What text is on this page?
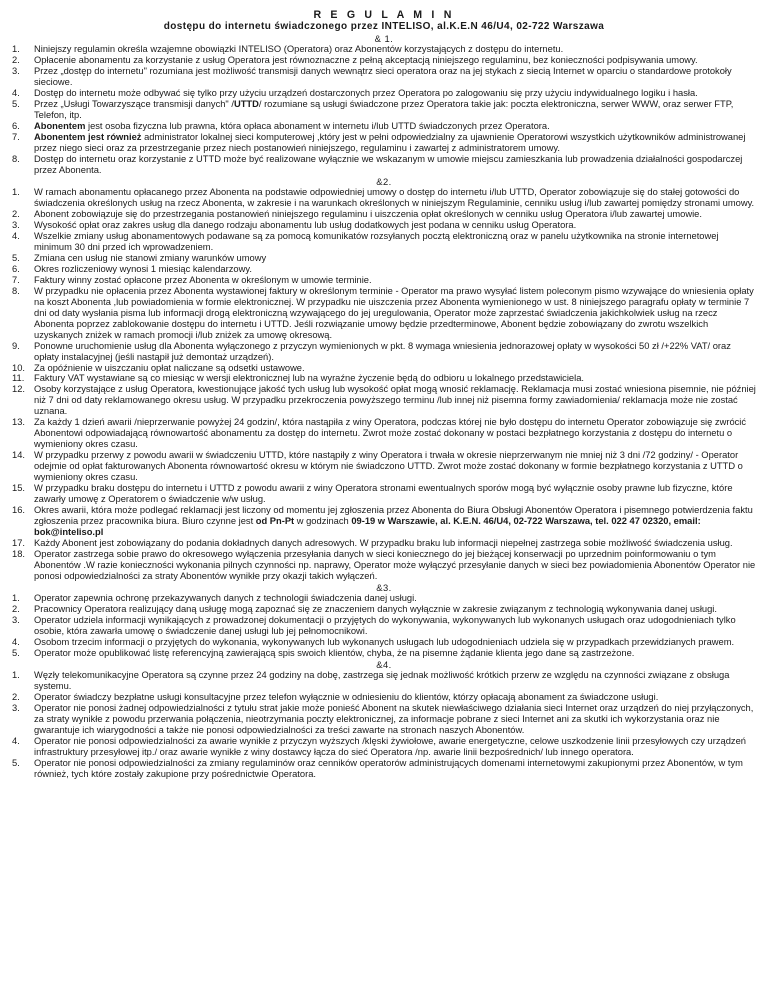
R E G U L A M I N
dostępu do internetu świadczonego przez INTELISO, al.K.E.N 46/U4, 02-722 Warszawa
& 1.
1.	Niniejszy regulamin określa wzajemne obowiązki INTELISO (Operatora) oraz Abonentów korzystających z dostępu do internetu.
2.	Opłacenie abonamentu za korzystanie z usług Operatora jest równoznaczne z pełną akceptacją niniejszego regulaminu, bez konieczności podpisywania umowy.
3.	Przez „dostęp do internetu" rozumiana jest możliwość transmisji danych wewnątrz sieci operatora oraz na jej stykach z siecią Internet w oparciu o standardowe protokoły sieciowe.
4.	Dostęp do internetu może odbywać się tylko przy użyciu urządzeń dostarczonych przez Operatora po zalogowaniu się przy użyciu indywidualnego logiku i hasła.
5.	Przez „Usługi Towarzyszące transmisji danych" /UTTD/ rozumiane są usługi świadczone przez Operatora takie jak: poczta elektroniczna, serwer WWW, oraz serwer FTP, Telefon, itp.
6.	Abonentem jest osoba fizyczna lub prawna, która opłaca abonament w internetu i/lub UTTD świadczonych przez Operatora.
7.	Abonentem jest również administrator lokalnej sieci komputerowej ,który jest w pełni odpowiedzialny za ujawnienie Operatorowi wszystkich użytkowników administrowanej przez niego sieci oraz za przestrzeganie przez niech postanowień niniejszego, regulaminu i zawartej z administratorem umowy.
8.	Dostęp do internetu oraz korzystanie z UTTD może być realizowane wyłącznie we wskazanym w umowie miejscu zamieszkania lub prowadzenia działalności gospodarczej przez Abonenta.
&2.
1.	W ramach abonamentu opłacanego przez Abonenta na podstawie odpowiedniej umowy o dostęp do internetu i/lub UTTD, Operator zobowiązuje się do stałej gotowości do świadczenia określonych usług na rzecz Abonenta, w zakresie i na warunkach określonych w niniejszym Regulaminie, cenniku usług i/lub zawartej pomiędzy stronami umowy.
2.	Abonent zobowiązuje się do przestrzegania postanowień niniejszego regulaminu i uiszczenia opłat określonych w cenniku usług Operatora i/lub zawartej umowie.
3.	Wysokość opłat oraz zakres usług dla danego rodzaju abonamentu lub usług dodatkowych jest podana w cenniku usług Operatora.
4.	Wszelkie zmiany usług abonamentowych podawane są za pomocą komunikatów rozsyłanych pocztą elektroniczną oraz w panelu użytkownika na stronie internetowej minimum 30 dni przed ich wprowadzeniem.
5.	Zmiana cen usług nie stanowi zmiany warunków umowy
6.	Okres rozliczeniowy wynosi 1 miesiąc kalendarzowy.
7.	Faktury winny zostać opłacone przez Abonenta w określonym w umowie terminie.
8.	W przypadku nie opłacenia przez Abonenta wystawionej faktury w określonym terminie - Operator ma prawo wysyłać listem poleconym pismo wzywające do wniesienia opłaty na koszt Abonenta ,lub powiadomienia w formie elektronicznej. W przypadku nie uiszczenia przez Abonenta wymienionego w ust. 8 niniejszego paragrafu opłaty w terminie 7 dni od daty wysłania pisma lub informacji drogą elektroniczną wzywającego do jej uregulowania, Operator może zaprzestać świadczenia jakichkolwiek usług na rzecz Abonenta poprzez zablokowanie dostępu do internetu i UTTD. Jeśli rozwiązanie umowy będzie przedterminowe, Abonent będzie zobowiązany do zwrotu wszelkich uzyskanych zniżek w ramach promocji i/lub zniżek za umowę okresową.
9.	Ponowne uruchomienie usług dla Abonenta wyłączonego z przyczyn wymienionych w pkt. 8 wymaga wniesienia jednorazowej opłaty w wysokości 50 zł /+22% VAT/ oraz opłaty instalacyjnej (jeśli nastąpił już demontaż urządzeń).
10. Za opóźnienie w uiszczaniu opłat naliczane są odsetki ustawowe.
11.	Faktury VAT wystawiane są co miesiąc w wersji elektronicznej lub na wyraźne życzenie będą do odbioru u lokalnego przedstawiciela.
12. Osoby korzystające z usług Operatora, kwestionujące jakość tych usług lub wysokość opłat mogą wnosić reklamację. Reklamacja musi zostać wniesiona pisemnie, nie później niż 7 dni od daty reklamowanego okresu usług. W przypadku przekroczenia powyższego terminu /lub innej niż pisemna formy zawiadomienia/ reklamacja może nie zostać uznana.
13. Za każdy 1 dzień awarii /nieprzerwanie powyżej 24 godzin/, która nastąpiła z winy Operatora, podczas której nie było dostępu do internetu Operator zobowiązuje się zwrócić Abonentowi odpowiadającą równowartość abonamentu za dostęp do internetu. Zwrot może zostać dokonany w postaci bezpłatnego korzystania z dostępu do internetu o wymieniony okres czasu.
14. W przypadku przerwy z powodu awarii w świadczeniu UTTD, które nastąpiły z winy Operatora i trwała w okresie nieprzerwanym nie mniej niż 3 dni /72 godziny/ - Operator odejmie od opłat fakturowanych Abonenta równowartość okresu w którym nie świadczono UTTD. Zwrot może zostać dokonany w formie bezpłatnego korzystania z UTTD o wymieniony okres czasu.
15. W przypadku braku dostępu do internetu i UTTD z powodu awarii z winy Operatora stronami ewentualnych sporów mogą być wyłącznie osoby prawne lub fizyczne, które zawarły umowę z Operatorem o świadczenie w/w usług.
16. Okres awarii, która może podlegać reklamacji jest liczony od momentu jej zgłoszenia przez Abonenta do Biura Obsługi Abonentów Operatora i pisemnego potwierdzenia faktu zgłoszenia przez pracownika biura. Biuro czynne jest od Pn-Pt w godzinach 09-19 w Warszawie, al. K.E.N. 46/U4, 02-722 Warszawa, tel. 022 47 02320, email: bok@inteliso.pl
17. Każdy Abonent jest zobowiązany do podania dokładnych danych adresowych. W przypadku braku lub informacji niepełnej zastrzega sobie możliwość świadczenia usług.
18. Operator zastrzega sobie prawo do okresowego wyłączenia przesyłania danych w sieci koniecznego do jej bieżącej konserwacji po uprzednim poinformowaniu o tym Abonentów .W razie konieczności wykonania pilnych czynności np. naprawy, Operator może wyłączyć przesyłanie danych w sieci bez powiadomienia Abonentów Operator nie ponosi odpowiedzialności za straty Abonentów wynikłe przy okazji takich wyłączeń.
&3.
1.	Operator zapewnia ochronę przekazywanych danych z technologii świadczenia danej usługi.
2.	Pracownicy Operatora realizujący daną usługę mogą zapoznać się ze znaczeniem danych wyłącznie w zakresie związanym z technologią wykonywania danej usługi.
3.	Operator udziela informacji wynikających z prowadzonej dokumentacji o przyjętych do wykonywania, wykonywanych lub wykonanych usługach oraz udogodnieniach tylko osobie, która zawarła umowę o świadczenie danej usługi lub jej pełnomocnikowi.
4.	Osobom trzecim informacji o przyjętych do wykonania, wykonywanych lub wykonanych usługach lub udogodnieniach udziela się w przypadkach przewidzianych prawem.
5.	Operator może opublikować listę referencyjną zawierającą spis swoich klientów, chyba, że na pisemne żądanie klienta jego dane są zastrzeżone.
&4.
1.	Węzły telekomunikacyjne Operatora są czynne przez 24 godziny na dobę, zastrzega się jednak możliwość krótkich przerw ze względu na czynności związane z obsługa systemu.
2.	Operator świadczy bezpłatne usługi konsultacyjne przez telefon wyłącznie w odniesieniu do klientów, którzy opłacają abonament za świadczone usługi.
3.	Operator nie ponosi żadnej odpowiedzialności z tytułu strat jakie może ponieść Abonent na skutek niewłaściwego działania sieci Internet oraz urządzeń do niej przyłączonych, za straty wynikłe z powodu przerwania połączenia, nieotrzymania poczty elektronicznej, za informacje pobrane z sieci Internet ani za skutki ich wykorzystania oraz nie gwarantuje ich wiarygodności a także nie ponosi odpowiedzialności za treści zawarte na stronach naszych Abonentów.
4.	Operator nie ponosi odpowiedzialności za awarie wynikłe z przyczyn wyższych /klęski żywiołowe, awarie energetyczne, celowe uszkodzenie linii przesyłowych czy urządzeń infrastruktury przesyłowej itp./ oraz awarie wynikłe z winy dostawcy łącza do sieć Operatora /np. awarie linii bezpośrednich/ lub innego operatora.
5.	Operator nie ponosi odpowiedzialności za zmiany regulaminów oraz cenników operatorów administrujących domenami internetowymi zakupionymi przez Abonentów, w tym również, tych które zostały zakupione przy pośrednictwie Operatora.
